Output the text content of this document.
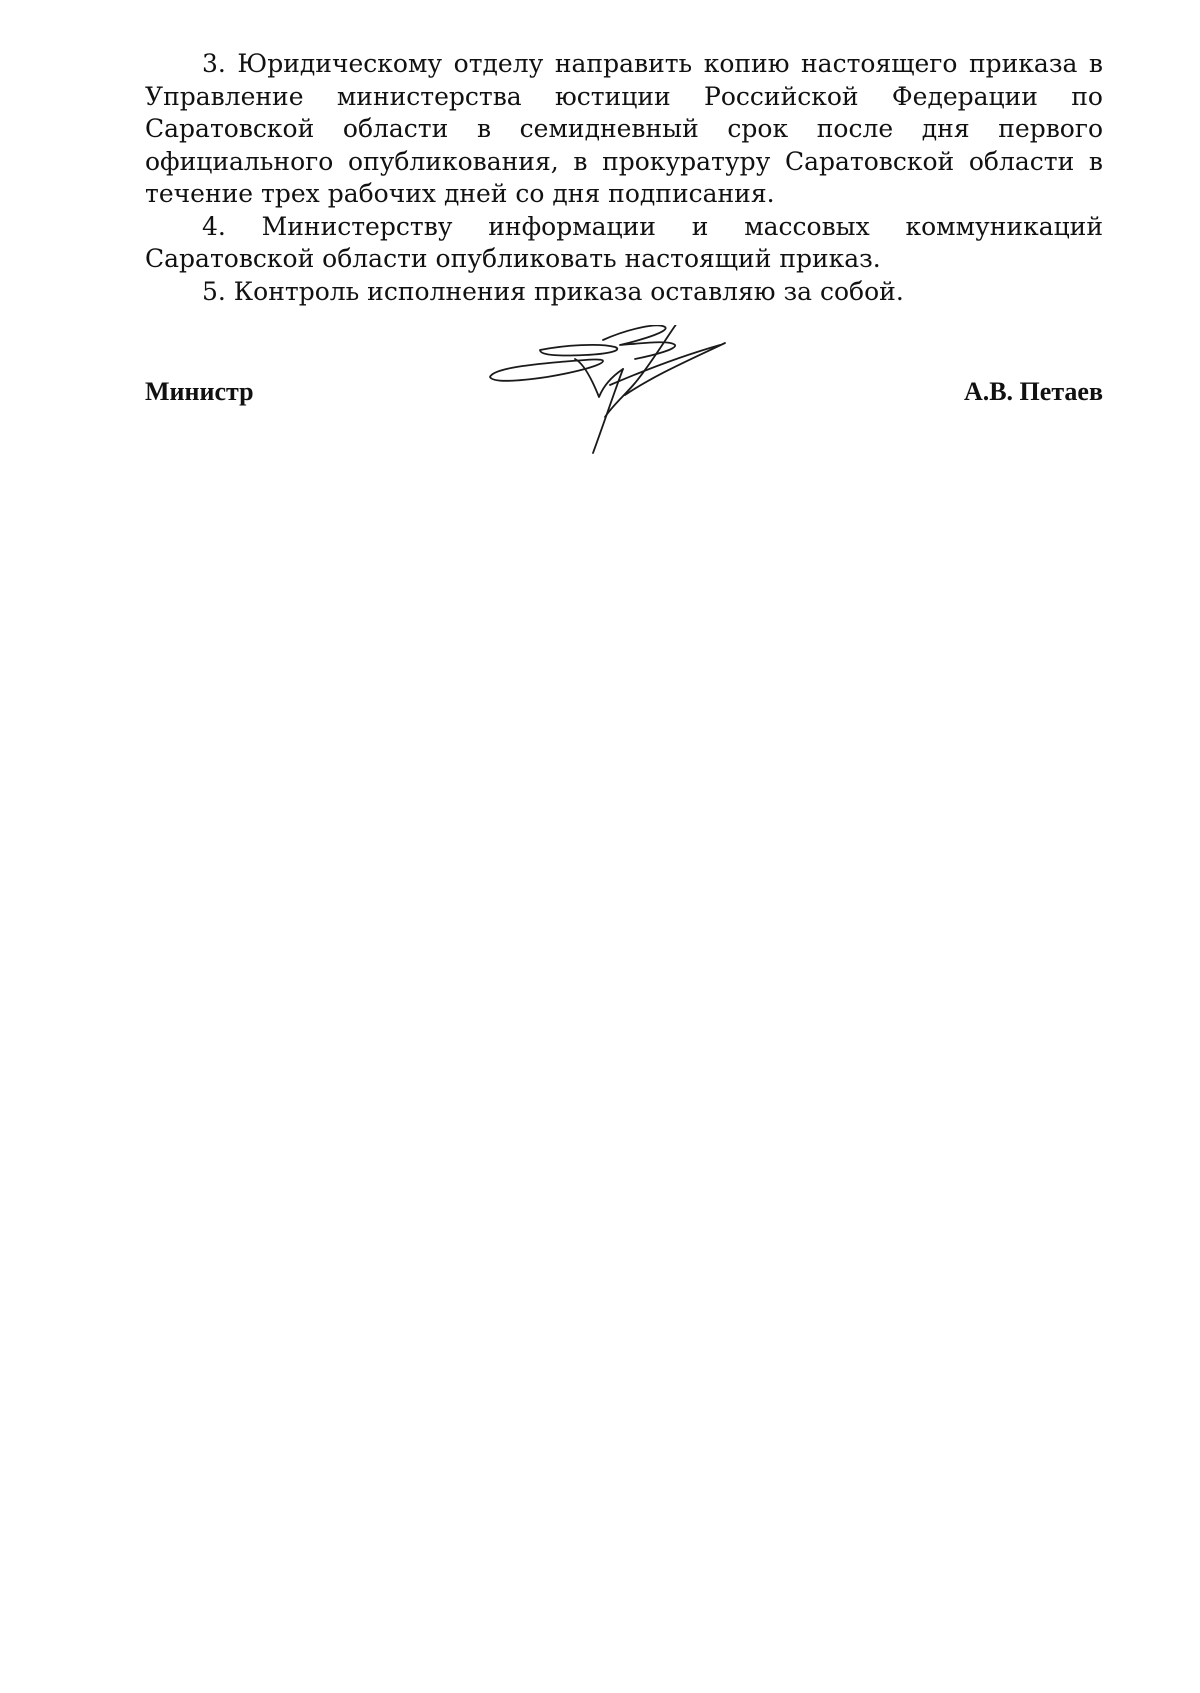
3. Юридическому отделу направить копию настоящего приказа в Управление министерства юстиции Российской Федерации по Саратовской области в семидневный срок после дня первого официального опубликования, в прокуратуру Саратовской области в течение трех рабочих дней со дня подписания.

4. Министерству информации и массовых коммуникаций Саратовской области опубликовать настоящий приказ.

5. Контроль исполнения приказа оставляю за собой.

Министр	А.В. Петаев
